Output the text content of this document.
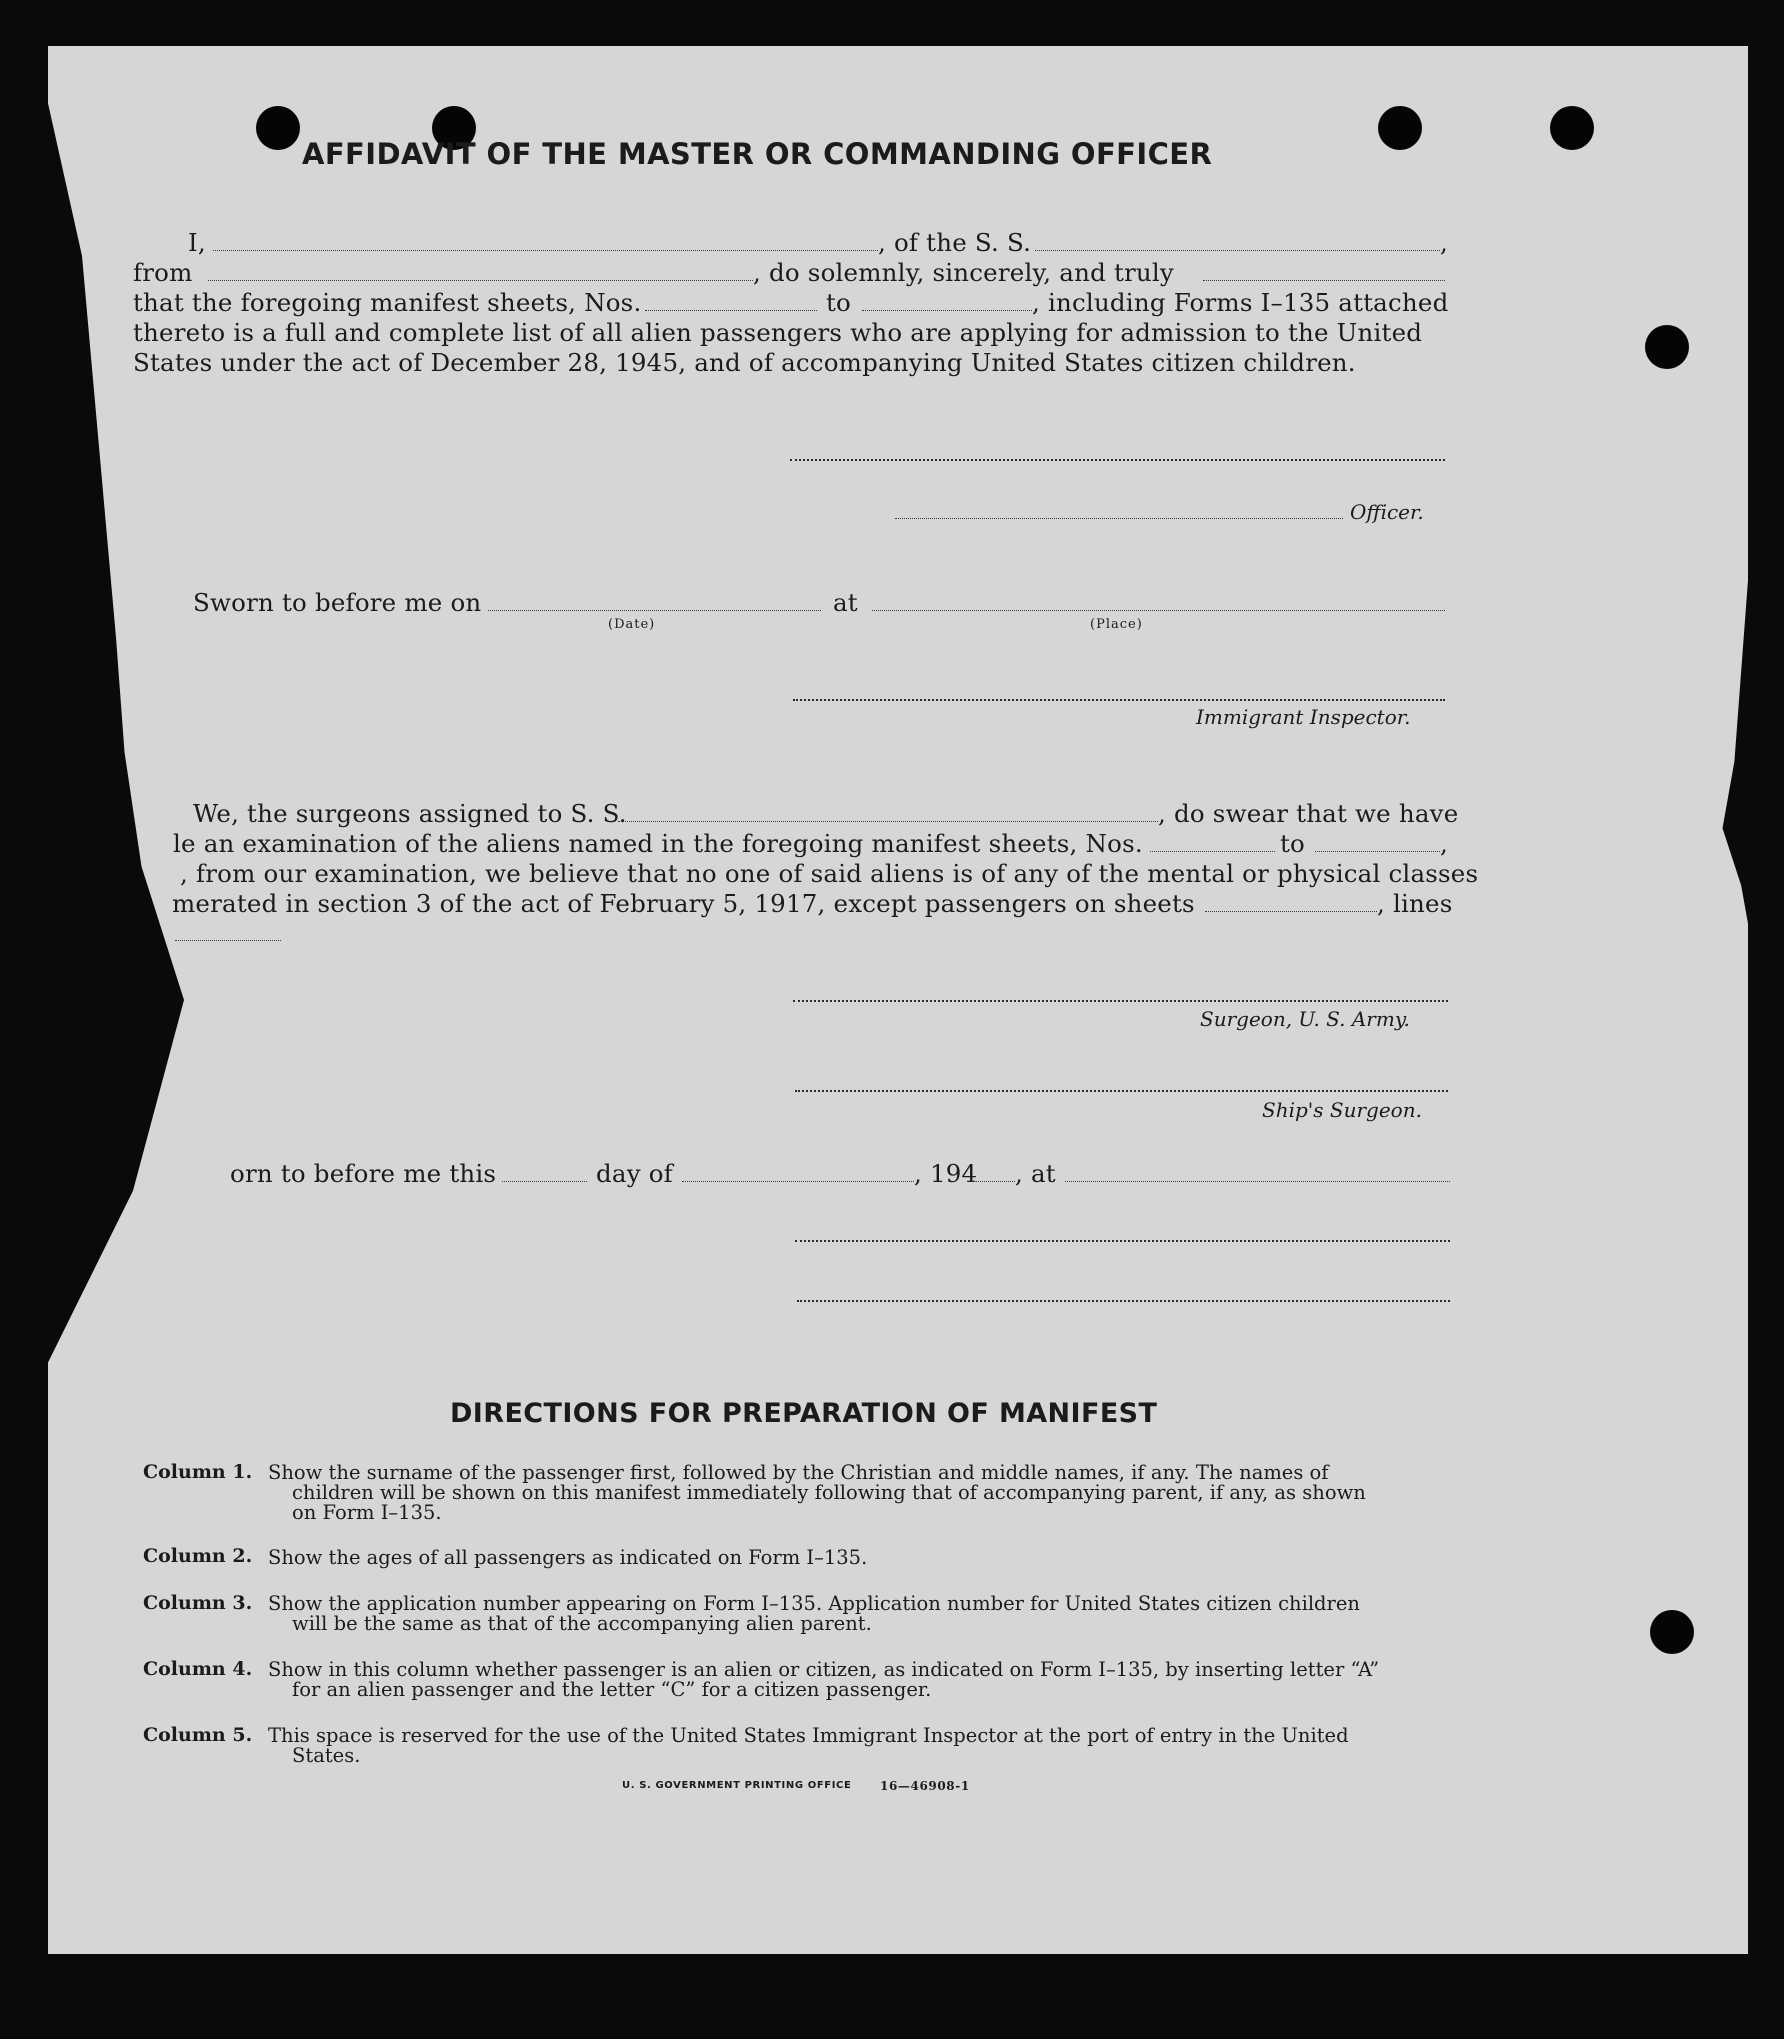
AFFIDAVIT OF THE MASTER OR COMMANDING OFFICER
I,	, of the S. S.	,
from	, do solemnly, sincerely, and truly
that the foregoing manifest sheets, Nos.	to	, including Forms I–135 attached
thereto is a full and complete list of all alien passengers who are applying for admission to the United
States under the act of December 28, 1945, and of accompanying United States citizen children.
Officer.
Sworn to before me on	at
(Date)	(Place)
Immigrant Inspector.
We, the surgeons assigned to S. S.	, do swear that we have
le an examination of the aliens named in the foregoing manifest sheets, Nos.	to	,
, from our examination, we believe that no one of said aliens is of any of the mental or physical classes
merated in section 3 of the act of February 5, 1917, except passengers on sheets	, lines
Surgeon, U. S. Army.
Ship's Surgeon.
orn to before me this	day of	, 194 , at
DIRECTIONS FOR PREPARATION OF MANIFEST
Column 1. Show the surname of the passenger first, followed by the Christian and middle names, if any. The names of
children will be shown on this manifest immediately following that of accompanying parent, if any, as shown
on Form I–135.
Column 2. Show the ages of all passengers as indicated on Form I–135.
Column 3. Show the application number appearing on Form I–135. Application number for United States citizen children
will be the same as that of the accompanying alien parent.
Column 4. Show in this column whether passenger is an alien or citizen, as indicated on Form I–135, by inserting letter “A”
for an alien passenger and the letter “C” for a citizen passenger.
Column 5. This space is reserved for the use of the United States Immigrant Inspector at the port of entry in the United
States.
U. S. GOVERNMENT PRINTING OFFICE 16—46908-1
